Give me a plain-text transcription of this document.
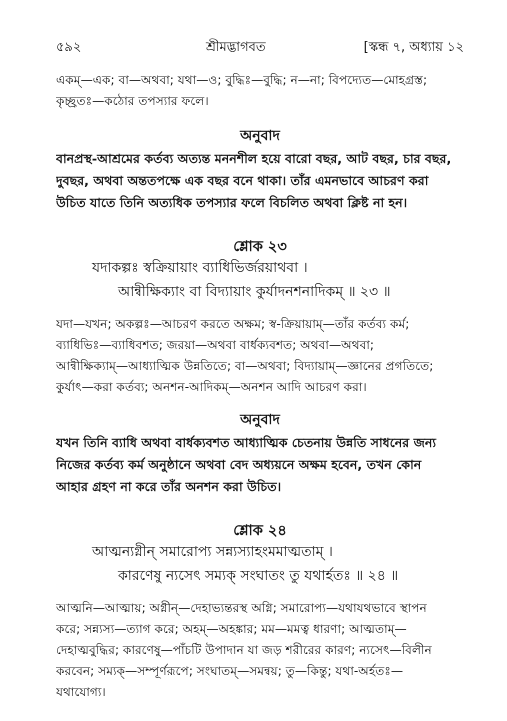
৫৯২	শ্রীমদ্ভাগবত	[স্কন্ধ ৭, অধ্যায় ১২
একম্—এক; বা—অথবা; যথা—ও; বুদ্ধিঃ—বুদ্ধি; ন—না; বিপদ্যেত—মোহগ্রস্ত;
কৃচ্ছ্রতঃ—কঠোর তপস্যার ফলে।
অনুবাদ
বানপ্রস্থ-আশ্রমের কর্তব্য অত্যন্ত মননশীল হয়ে বারো বছর, আট বছর, চার বছর,
দুবছর, অথবা অন্ততপক্ষে এক বছর বনে থাকা। তাঁর এমনভাবে আচরণ করা
উচিত যাতে তিনি অত্যধিক তপস্যার ফলে বিচলিত অথবা ক্লিষ্ট না হন।
শ্লোক ২৩
যদাকল্পঃ স্বক্রিয়ায়াং ব্যাধিভির্জরয়াথবা ।
আন্বীক্ষিক্যাং বা বিদ্যায়াং কুর্যাদনশনাদিকম্ ॥ ২৩ ॥
যদা—যখন; অকল্পঃ—আচরণ করতে অক্ষম; স্ব-ক্রিয়ায়াম্—তাঁর কর্তব্য কর্ম;
ব্যাধিভিঃ—ব্যাধিবশত; জরয়া—অথবা বার্ধক্যবশত; অথবা—অথবা;
আন্বীক্ষিক্যাম্—আধ্যাত্মিক উন্নতিতে; বা—অথবা; বিদ্যায়াম্—জ্ঞানের প্রগতিতে;
কুর্যাৎ—করা কর্তব্য; অনশন-আদিকম্—অনশন আদি আচরণ করা।
অনুবাদ
যখন তিনি ব্যাধি অথবা বার্ধক্যবশত আধ্যাত্মিক চেতনায় উন্নতি সাধনের জন্য
নিজের কর্তব্য কর্ম অনুষ্ঠানে অথবা বেদ অধ্যয়নে অক্ষম হবেন, তখন কোন
আহার গ্রহণ না করে তাঁর অনশন করা উচিত।
শ্লোক ২৪
আত্মন্যগ্নীন্ সমারোপ্য সন্ন্যস্যাহংমমাত্মতাম্ ।
কারণেষু ন্যসেৎ সম্যক্ সংঘাতং তু যথার্হতঃ ॥ ২৪ ॥
আত্মনি—আত্মায়; অগ্নীন্—দেহাভ্যন্তরস্থ অগ্নি; সমারোপ্য—যথাযথভাবে স্থাপন
করে; সন্ন্যস্য—ত্যাগ করে; অহম্—অহঙ্কার; মম—মমত্ব ধারণা; আত্মতাম্—
দেহাত্মবুদ্ধির; কারণেষু—পাঁচটি উপাদান যা জড় শরীরের কারণ; ন্যসেৎ—বিলীন
করবেন; সম্যক্—সম্পূর্ণরূপে; সংঘাতম্—সমন্বয়; তু—কিন্তু; যথা-অর্হতঃ—
যথাযোগ্য।
